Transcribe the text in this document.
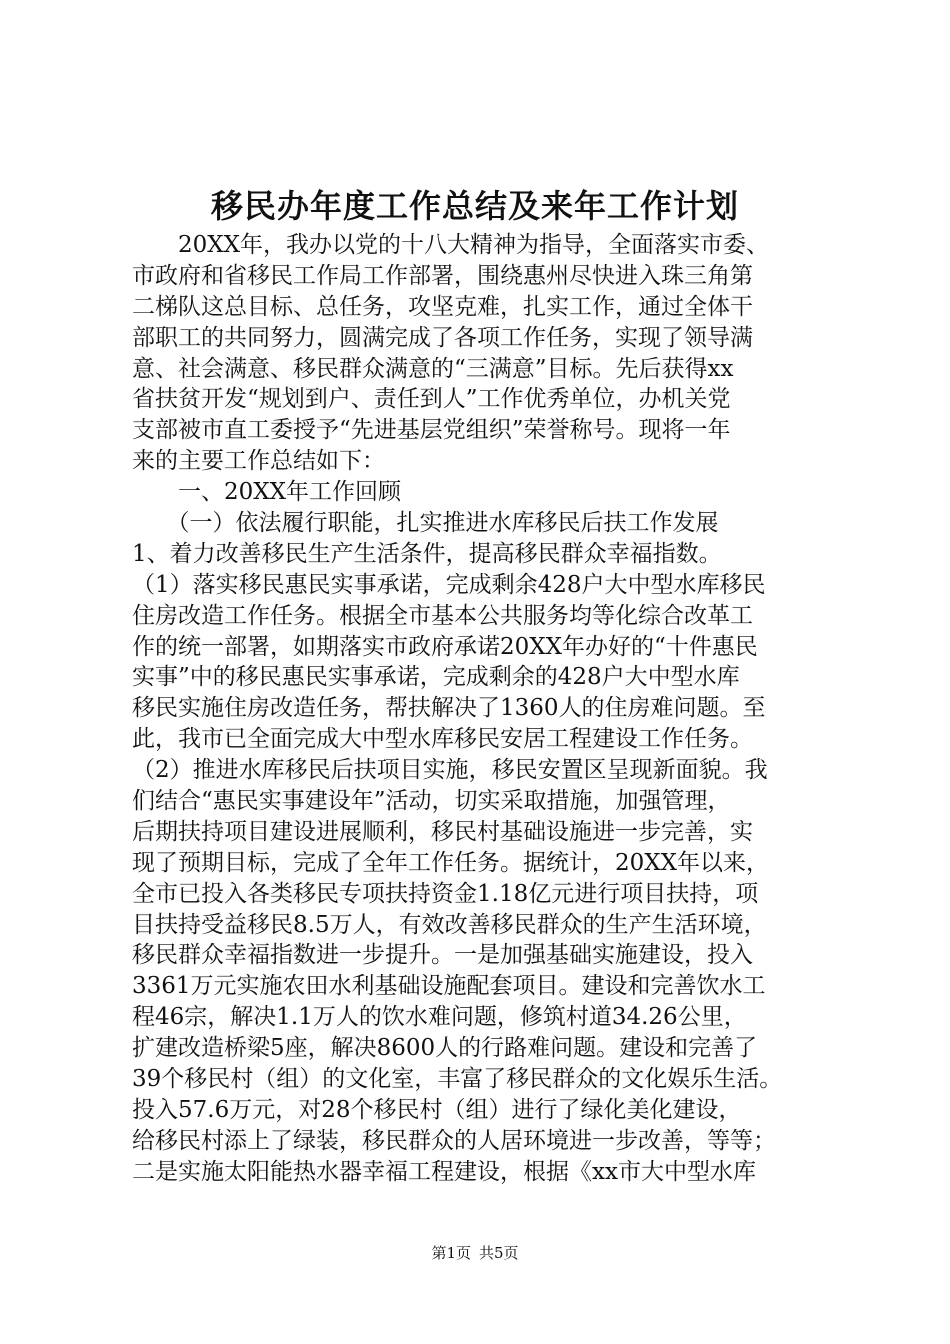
移民办年度工作总结及来年工作计划
　　20XX年，我办以党的十八大精神为指导，全面落实市委、
市政府和省移民工作局工作部署，围绕惠州尽快进入珠三角第
二梯队这总目标、总任务，攻坚克难，扎实工作，通过全体干
部职工的共同努力，圆满完成了各项工作任务，实现了领导满
意、社会满意、移民群众满意的“三满意”目标。先后获得xx
省扶贫开发“规划到户、责任到人”工作优秀单位，办机关党
支部被市直工委授予“先进基层党组织”荣誉称号。现将一年
来的主要工作总结如下：
　　一、20XX年工作回顾
　　（一）依法履行职能，扎实推进水库移民后扶工作发展
1、着力改善移民生产生活条件，提高移民群众幸福指数。
（1）落实移民惠民实事承诺，完成剩余428户大中型水库移民
住房改造工作任务。根据全市基本公共服务均等化综合改革工
作的统一部署，如期落实市政府承诺20XX年办好的“十件惠民
实事”中的移民惠民实事承诺，完成剩余的428户大中型水库
移民实施住房改造任务，帮扶解决了1360人的住房难问题。至
此，我市已全面完成大中型水库移民安居工程建设工作任务。
（2）推进水库移民后扶项目实施，移民安置区呈现新面貌。我
们结合“惠民实事建设年”活动，切实采取措施，加强管理，
后期扶持项目建设进展顺利，移民村基础设施进一步完善，实
现了预期目标，完成了全年工作任务。据统计，20XX年以来，
全市已投入各类移民专项扶持资金1.18亿元进行项目扶持，项
目扶持受益移民8.5万人，有效改善移民群众的生产生活环境，
移民群众幸福指数进一步提升。一是加强基础实施建设，投入
3361万元实施农田水利基础设施配套项目。建设和完善饮水工
程46宗，解决1.1万人的饮水难问题，修筑村道34.26公里，
扩建改造桥梁5座，解决8600人的行路难问题。建设和完善了
39个移民村（组）的文化室，丰富了移民群众的文化娱乐生活。
投入57.6万元，对28个移民村（组）进行了绿化美化建设，
给移民村添上了绿装，移民群众的人居环境进一步改善，等等；
二是实施太阳能热水器幸福工程建设，根据《xx市大中型水库
第1页 共5页
